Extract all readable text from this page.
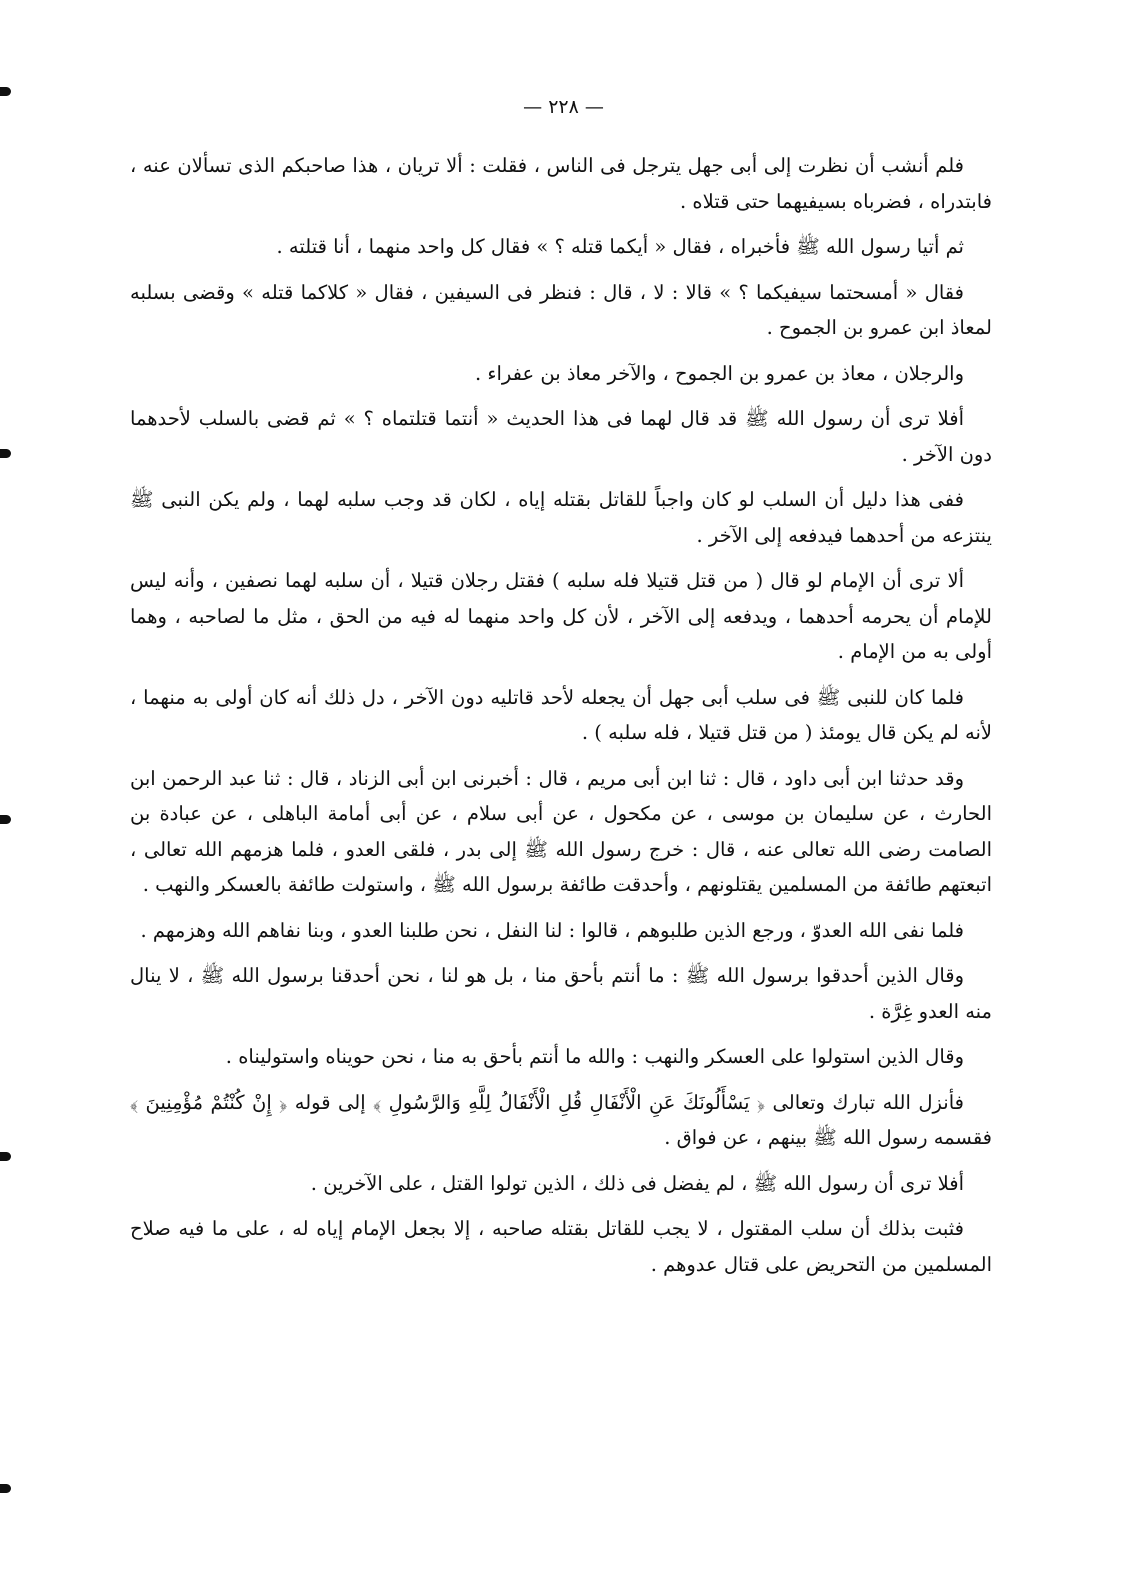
— ٢٢٨ —

فلم أنشب أن نظرت إلى أبى جهل يترجل فى الناس ، فقلت : ألا تريان ، هذا صاحبكم الذى تسألان عنه ، فابتدراه ، فضرباه بسيفيهما حتى قتلاه .

ثم أتيا رسول الله ﷺ فأخبراه ، فقال « أيكما قتله ؟ » فقال كل واحد منهما ، أنا قتلته .

فقال « أمسحتما سيفيكما ؟ » قالا : لا ، قال : فنظر فى السيفين ، فقال « كلاكما قتله » وقضى بسلبه لمعاذ ابن عمرو بن الجموح .

والرجلان ، معاذ بن عمرو بن الجموح ، والآخر معاذ بن عفراء .

أفلا ترى أن رسول الله ﷺ قد قال لهما فى هذا الحديث « أنتما قتلتماه ؟ » ثم قضى بالسلب لأحدهما دون الآخر .

ففى هذا دليل أن السلب لو كان واجباً للقاتل بقتله إياه ، لكان قد وجب سلبه لهما ، ولم يكن النبى ﷺ ينتزعه من أحدهما فيدفعه إلى الآخر .

ألا ترى أن الإمام لو قال ( من قتل قتيلا فله سلبه ) فقتل رجلان قتيلا ، أن سلبه لهما نصفين ، وأنه ليس للإمام أن يحرمه أحدهما ، ويدفعه إلى الآخر ، لأن كل واحد منهما له فيه من الحق ، مثل ما لصاحبه ، وهما أولى به من الإمام .

فلما كان للنبى ﷺ فى سلب أبى جهل أن يجعله لأحد قاتليه دون الآخر ، دل ذلك أنه كان أولى به منهما ، لأنه لم يكن قال يومئذ ( من قتل قتيلا ، فله سلبه ) .

وقد حدثنا ابن أبى داود ، قال : ثنا ابن أبى مريم ، قال : أخبرنى ابن أبى الزناد ، قال : ثنا عبد الرحمن ابن الحارث ، عن سليمان بن موسى ، عن مكحول ، عن أبى سلام ، عن أبى أمامة الباهلى ، عن عبادة بن الصامت رضى الله تعالى عنه ، قال : خرج رسول الله ﷺ إلى بدر ، فلقى العدو ، فلما هزمهم الله تعالى ، اتبعتهم طائفة من المسلمين يقتلونهم ، وأحدقت طائفة برسول الله ﷺ ، واستولت طائفة بالعسكر والنهب .

فلما نفى الله العدوّ ، ورجع الذين طلبوهم ، قالوا : لنا النفل ، نحن طلبنا العدو ، وبنا نفاهم الله وهزمهم .

وقال الذين أحدقوا برسول الله ﷺ : ما أنتم بأحق منا ، بل هو لنا ، نحن أحدقنا برسول الله ﷺ ، لا ينال منه العدو غِرَّة .

وقال الذين استولوا على العسكر والنهب : والله ما أنتم بأحق به منا ، نحن حويناه واستوليناه .

فأنزل الله تبارك وتعالى ﴿ يَسْأَلُونَكَ عَنِ الْأَنْفَالِ قُلِ الْأَنْفَالُ لِلَّهِ وَالرَّسُولِ ﴾ إلى قوله ﴿ إِنْ كُنْتُمْ مُؤْمِنِينَ ﴾ فقسمه رسول الله ﷺ بينهم ، عن فواق .

أفلا ترى أن رسول الله ﷺ ، لم يفضل فى ذلك ، الذين تولوا القتل ، على الآخرين .

فثبت بذلك أن سلب المقتول ، لا يجب للقاتل بقتله صاحبه ، إلا بجعل الإمام إياه له ، على ما فيه صلاح المسلمين من التحريض على قتال عدوهم .
